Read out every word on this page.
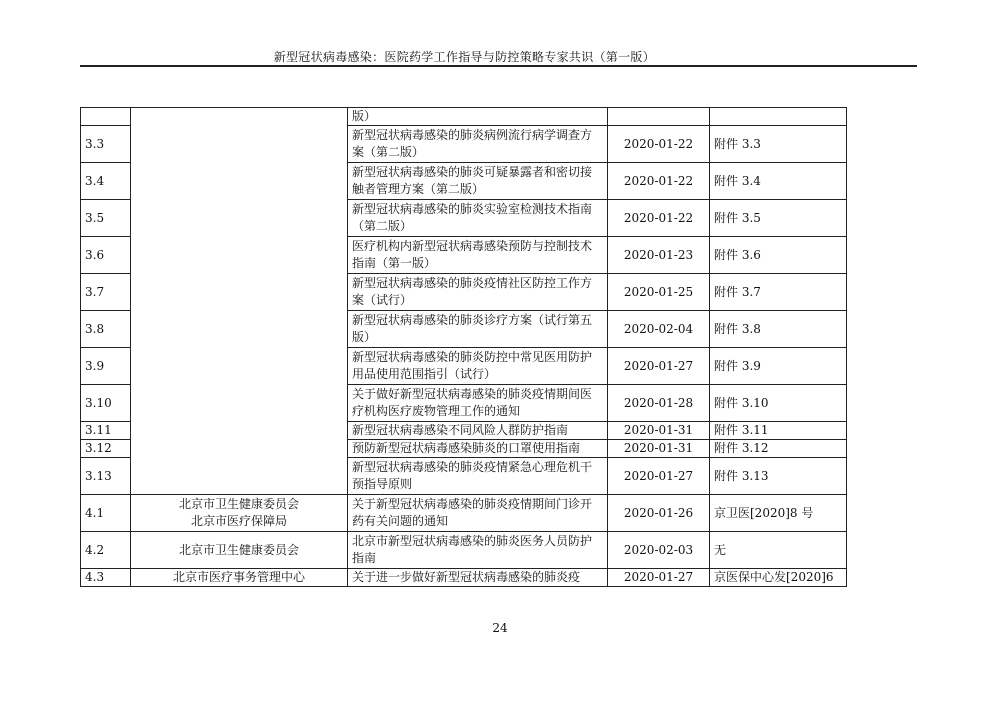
新型冠状病毒感染：医院药学工作指导与防控策略专家共识（第一版）
		版）		
3.3		新型冠状病毒感染的肺炎病例流行病学调查方案（第二版）	2020-01-22	附件 3.3
3.4		新型冠状病毒感染的肺炎可疑暴露者和密切接触者管理方案（第二版）	2020-01-22	附件 3.4
3.5		新型冠状病毒感染的肺炎实验室检测技术指南（第二版）	2020-01-22	附件 3.5
3.6		医疗机构内新型冠状病毒感染预防与控制技术指南（第一版）	2020-01-23	附件 3.6
3.7		新型冠状病毒感染的肺炎疫情社区防控工作方案（试行）	2020-01-25	附件 3.7
3.8		新型冠状病毒感染的肺炎诊疗方案（试行第五版）	2020-02-04	附件 3.8
3.9		新型冠状病毒感染的肺炎防控中常见医用防护用品使用范围指引（试行）	2020-01-27	附件 3.9
3.10		关于做好新型冠状病毒感染的肺炎疫情期间医疗机构医疗废物管理工作的通知	2020-01-28	附件 3.10
3.11		新型冠状病毒感染不同风险人群防护指南	2020-01-31	附件 3.11
3.12		预防新型冠状病毒感染肺炎的口罩使用指南	2020-01-31	附件 3.12
3.13		新型冠状病毒感染的肺炎疫情紧急心理危机干预指导原则	2020-01-27	附件 3.13
4.1	北京市卫生健康委员会
北京市医疗保障局	关于新型冠状病毒感染的肺炎疫情期间门诊开药有关问题的通知	2020-01-26	京卫医[2020]8 号
4.2	北京市卫生健康委员会	北京市新型冠状病毒感染的肺炎医务人员防护指南	2020-02-03	无
4.3	北京市医疗事务管理中心	关于进一步做好新型冠状病毒感染的肺炎疫	2020-01-27	京医保中心发[2020]6
24
